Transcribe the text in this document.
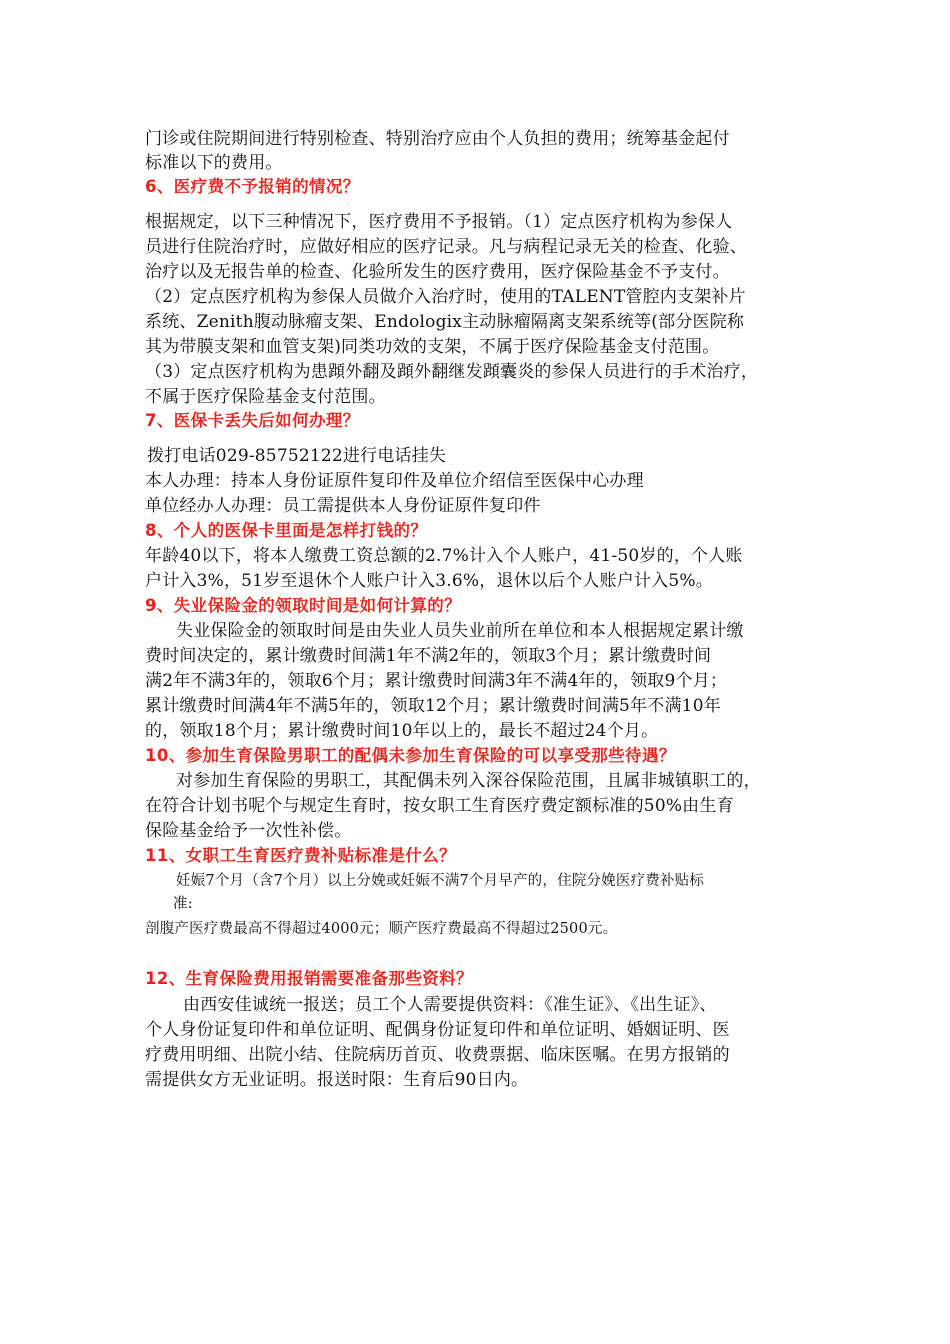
门诊或住院期间进行特别检查、特别治疗应由个人负担的费用；统筹基金起付
标准以下的费用。
6、医疗费不予报销的情况？
根据规定，以下三种情况下，医疗费用不予报销。（1）定点医疗机构为参保人
员进行住院治疗时，应做好相应的医疗记录。凡与病程记录无关的检查、化验、
治疗以及无报告单的检查、化验所发生的医疗费用，医疗保险基金不予支付。
（2）定点医疗机构为参保人员做介入治疗时，使用的TALENT管腔内支架补片
系统、Zenith腹动脉瘤支架、Endologix主动脉瘤隔离支架系统等(部分医院称
其为带膜支架和血管支架)同类功效的支架，不属于医疗保险基金支付范围。
（3）定点医疗机构为患蹞外翻及蹞外翻继发蹞囊炎的参保人员进行的手术治疗，
不属于医疗保险基金支付范围。
7、医保卡丢失后如何办理？
拨打电话029-85752122进行电话挂失
本人办理：持本人身份证原件复印件及单位介绍信至医保中心办理
单位经办人办理：员工需提供本人身份证原件复印件
8、个人的医保卡里面是怎样打钱的？
年龄40以下，将本人缴费工资总额的2.7%计入个人账户，41-50岁的，个人账
户计入3%，51岁至退休个人账户计入3.6%，退休以后个人账户计入5%。
9、失业保险金的领取时间是如何计算的？
失业保险金的领取时间是由失业人员失业前所在单位和本人根据规定累计缴
费时间决定的，累计缴费时间满1年不满2年的，领取3个月；累计缴费时间
满2年不满3年的，领取6个月；累计缴费时间满3年不满4年的，领取9个月；
累计缴费时间满4年不满5年的，领取12个月；累计缴费时间满5年不满10年
的，领取18个月；累计缴费时间10年以上的，最长不超过24个月。
10、参加生育保险男职工的配偶未参加生育保险的可以享受那些待遇？
对参加生育保险的男职工，其配偶未列入深谷保险范围，且属非城镇职工的，
在符合计划书呢个与规定生育时，按女职工生育医疗费定额标准的50%由生育
保险基金给予一次性补偿。
11、女职工生育医疗费补贴标准是什么？
妊娠7个月（含7个月）以上分娩或妊娠不满7个月早产的，住院分娩医疗费补贴标
准:
剖腹产医疗费最高不得超过4000元；顺产医疗费最高不得超过2500元。
12、生育保险费用报销需要准备那些资料？
由西安佳诚统一报送；员工个人需要提供资料：《准生证》、《出生证》、
个人身份证复印件和单位证明、配偶身份证复印件和单位证明、婚姻证明、医
疗费用明细、出院小结、住院病历首页、收费票据、临床医嘱。在男方报销的
需提供女方无业证明。报送时限：生育后90日内。
